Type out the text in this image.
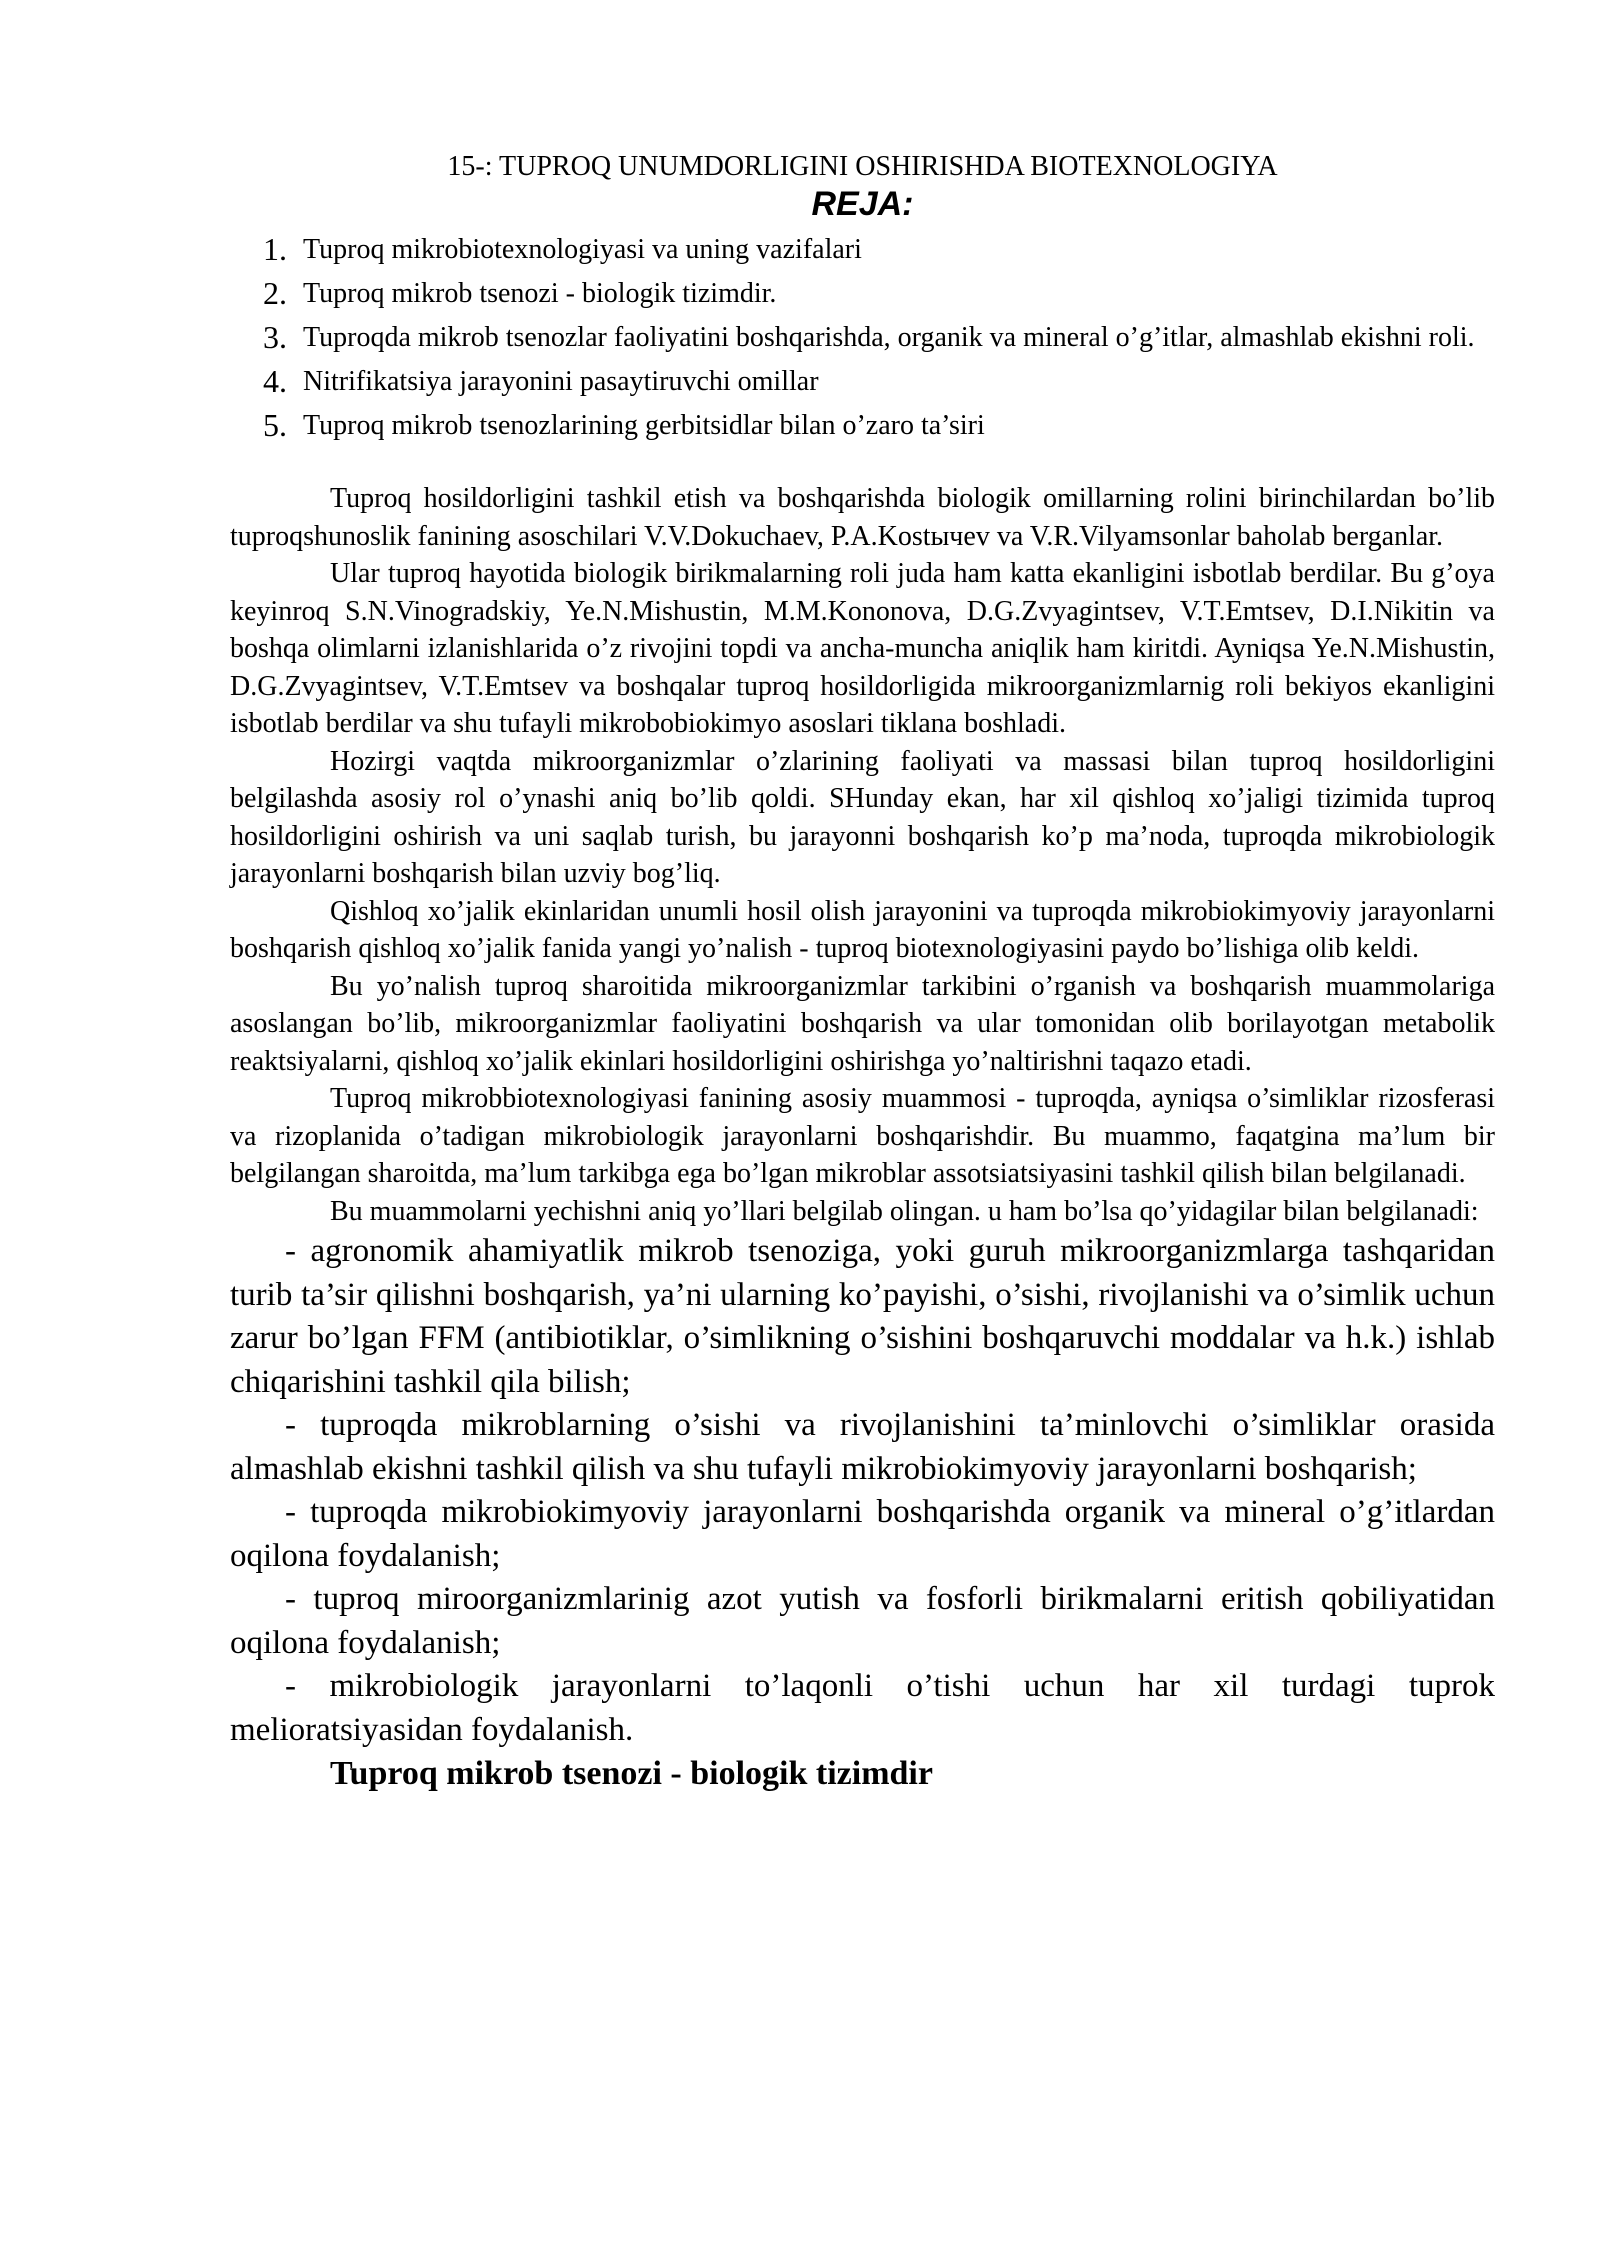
15-: TUPROQ UNUMDORLIGINI OSHIRISHDA BIOTEXNOLOGIYA

REJA:

1. Tuproq mikrobiotexnologiyasi va uning vazifalari
2. Tuproq mikrob tsenozi - biologik tizimdir.
3. Tuproqda mikrob tsenozlar faoliyatini boshqarishda, organik va mineral o’g’itlar, almashlab ekishni roli.
4. Nitrifikatsiya jarayonini pasaytiruvchi omillar
5. Tuproq mikrob tsenozlarining gerbitsidlar bilan o’zaro ta’siri

Tuproq hosildorligini tashkil etish va boshqarishda biologik omillarning rolini birinchilardan bo’lib tuproqshunoslik fanining asoschilari V.V.Dokuchaev, P.A.Kostычev va V.R.Vilyamsonlar baholab berganlar.

Ular tuproq hayotida biologik birikmalarning roli juda ham katta ekanligini isbotlab berdilar. Bu g’oya keyinroq S.N.Vinogradskiy, Ye.N.Mishustin, M.M.Kononova, D.G.Zvyagintsev, V.T.Emtsev, D.I.Nikitin va boshqa olimlarni izlanishlarida o’z rivojini topdi va ancha-muncha aniqlik ham kiritdi. Ayniqsa Ye.N.Mishustin, D.G.Zvyagintsev, V.T.Emtsev va boshqalar tuproq hosildorligida mikroorganizmlarnig roli bekiyos ekanligini isbotlab berdilar va shu tufayli mikrobobiokimyo asoslari tiklana boshladi.

Hozirgi vaqtda mikroorganizmlar o’zlarining faoliyati va massasi bilan tuproq hosildorligini belgilashda asosiy rol o’ynashi aniq bo’lib qoldi. SHunday ekan, har xil qishloq xo’jaligi tizimida tuproq hosildorligini oshirish va uni saqlab turish, bu jarayonni boshqarish ko’p ma’noda, tuproqda mikrobiologik jarayonlarni boshqarish bilan uzviy bog’liq.

Qishloq xo’jalik ekinlaridan unumli hosil olish jarayonini va tuproqda mikrobiokimyoviy jarayonlarni boshqarish qishloq xo’jalik fanida yangi yo’nalish - tuproq biotexnologiyasini paydo bo’lishiga olib keldi.

Bu yo’nalish tuproq sharoitida mikroorganizmlar tarkibini o’rganish va boshqarish muammolariga asoslangan bo’lib, mikroorganizmlar faoliyatini boshqarish va ular tomonidan olib borilayotgan metabolik reaktsiyalarni, qishloq xo’jalik ekinlari hosildorligini oshirishga yo’naltirishni taqazo etadi.

Tuproq mikrobbiotexnologiyasi fanining asosiy muammosi - tuproqda, ayniqsa o’simliklar rizosferasi va rizoplanida o’tadigan mikrobiologik jarayonlarni boshqarishdir. Bu muammo, faqatgina ma’lum bir belgilangan sharoitda, ma’lum tarkibga ega bo’lgan mikroblar assotsiatsiyasini tashkil qilish bilan belgilanadi.

Bu muammolarni yechishni aniq yo’llari belgilab olingan. u ham bo’lsa qo’yidagilar bilan belgilanadi:

- agronomik ahamiyatlik mikrob tsenoziga, yoki guruh mikroorganizmlarga tashqaridan turib ta’sir qilishni boshqarish, ya’ni ularning ko’payishi, o’sishi, rivojlanishi va o’simlik uchun zarur bo’lgan FFM (antibiotiklar, o’simlikning o’sishini boshqaruvchi moddalar va h.k.) ishlab chiqarishini tashkil qila bilish;

- tuproqda mikroblarning o’sishi va rivojlanishini ta’minlovchi o’simliklar orasida almashlab ekishni tashkil qilish va shu tufayli mikrobiokimyoviy jarayonlarni boshqarish;

- tuproqda mikrobiokimyoviy jarayonlarni boshqarishda organik va mineral o’g’itlardan oqilona foydalanish;

- tuproq miroorganizmlarinig azot yutish va fosforli birikmalarni eritish qobiliyatidan oqilona foydalanish;

- mikrobiologik jarayonlarni to’laqonli o’tishi uchun har xil turdagi tuprok melioratsiyasidan foydalanish.

Tuproq mikrob tsenozi - biologik tizimdir
